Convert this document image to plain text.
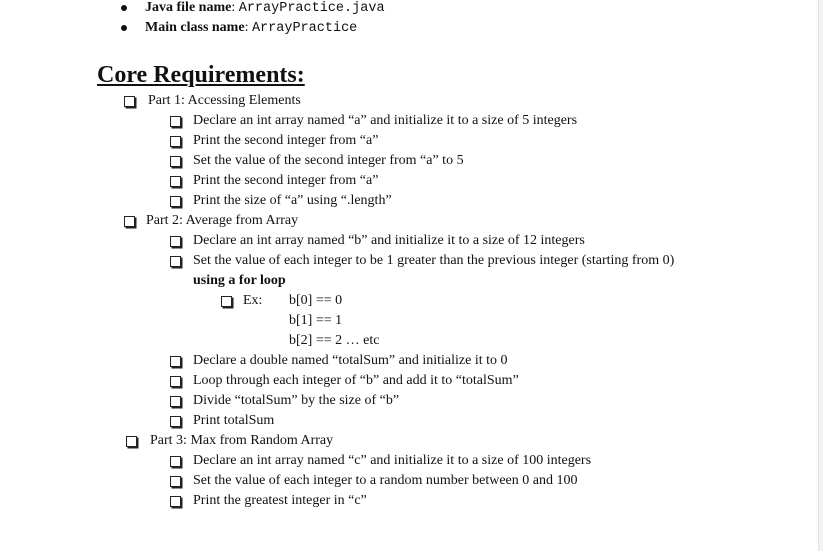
Java file name: ArrayPractice.java
Main class name: ArrayPractice
Core Requirements:
Part 1: Accessing Elements
Declare an int array named “a” and initialize it to a size of 5 integers
Print the second integer from “a”
Set the value of the second integer from “a” to 5
Print the second integer from “a”
Print the size of “a” using “.length”
Part 2: Average from Array
Declare an int array named “b” and initialize it to a size of 12 integers
Set the value of each integer to be 1 greater than the previous integer (starting from 0)
using a for loop
Ex: b[0] == 0
b[1] == 1
b[2] == 2 … etc
Declare a double named “totalSum” and initialize it to 0
Loop through each integer of “b” and add it to “totalSum”
Divide “totalSum” by the size of “b”
Print totalSum
Part 3: Max from Random Array
Declare an int array named “c” and initialize it to a size of 100 integers
Set the value of each integer to a random number between 0 and 100
Print the greatest integer in “c”
